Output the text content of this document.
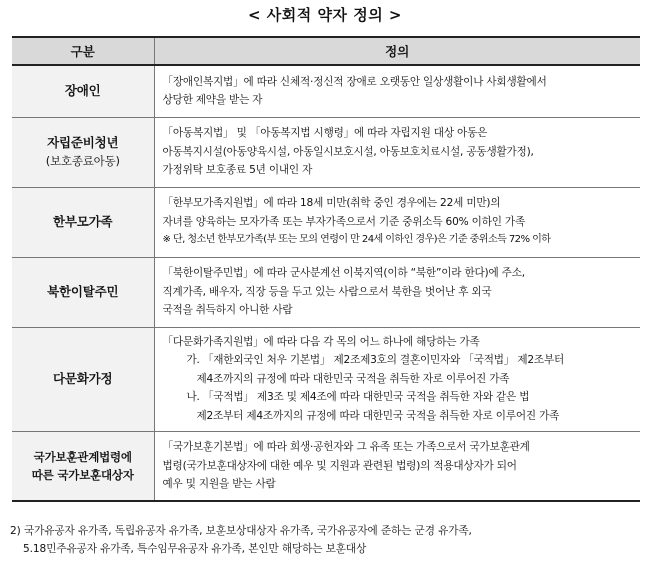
< 사회적 약자 정의 >
구분	정의
장애인	「장애인복지법」에 따라 신체적·정신적 장애로 오랫동안 일상생활이나 사회생활에서
상당한 제약을 받는 자

자립준비청년
(보호종료아동)	「아동복지법」 및 「아동복지법 시행령」에 따라 자립지원 대상 아동은
아동복지시설(아동양육시설, 아동일시보호시설, 아동보호치료시설, 공동생활가정),
가정위탁 보호종료 5년 이내인 자

한부모가족	「한부모가족지원법」에 따라 18세 미만(취학 중인 경우에는 22세 미만)의
자녀를 양육하는 모자가족 또는 부자가족으로서 기준 중위소득 60% 이하인 가족
※ 단, 청소년 한부모가족(부 또는 모의 연령이 만 24세 이하인 경우)은 기준 중위소득 72% 이하

북한이탈주민	「북한이탈주민법」에 따라 군사분계선 이북지역(이하 “북한”이라 한다)에 주소,
직계가족, 배우자, 직장 등을 두고 있는 사람으로서 북한을 벗어난 후 외국
국적을 취득하지 아니한 사람

다문화가정	「다문화가족지원법」에 따라 다음 각 목의 어느 하나에 해당하는 가족
가. 「재한외국인 처우 기본법」 제2조제3호의 결혼이민자와 「국적법」 제2조부터
제4조까지의 규정에 따라 대한민국 국적을 취득한 자로 이루어진 가족
나. 「국적법」 제3조 및 제4조에 따라 대한민국 국적을 취득한 자와 같은 법
제2조부터 제4조까지의 규정에 따라 대한민국 국적을 취득한 자로 이루어진 가족

국가보훈관계법령에
따른 국가보훈대상자	「국가보훈기본법」에 따라 희생·공헌자와 그 유족 또는 가족으로서 국가보훈관계
법령(국가보훈대상자에 대한 예우 및 지원과 관련된 법령)의 적용대상자가 되어
예우 및 지원을 받는 사람
2) 국가유공자 유가족, 독립유공자 유가족, 보훈보상대상자 유가족, 국가유공자에 준하는 군경 유가족,
5.18민주유공자 유가족, 특수임무유공자 유가족, 본인만 해당하는 보훈대상
